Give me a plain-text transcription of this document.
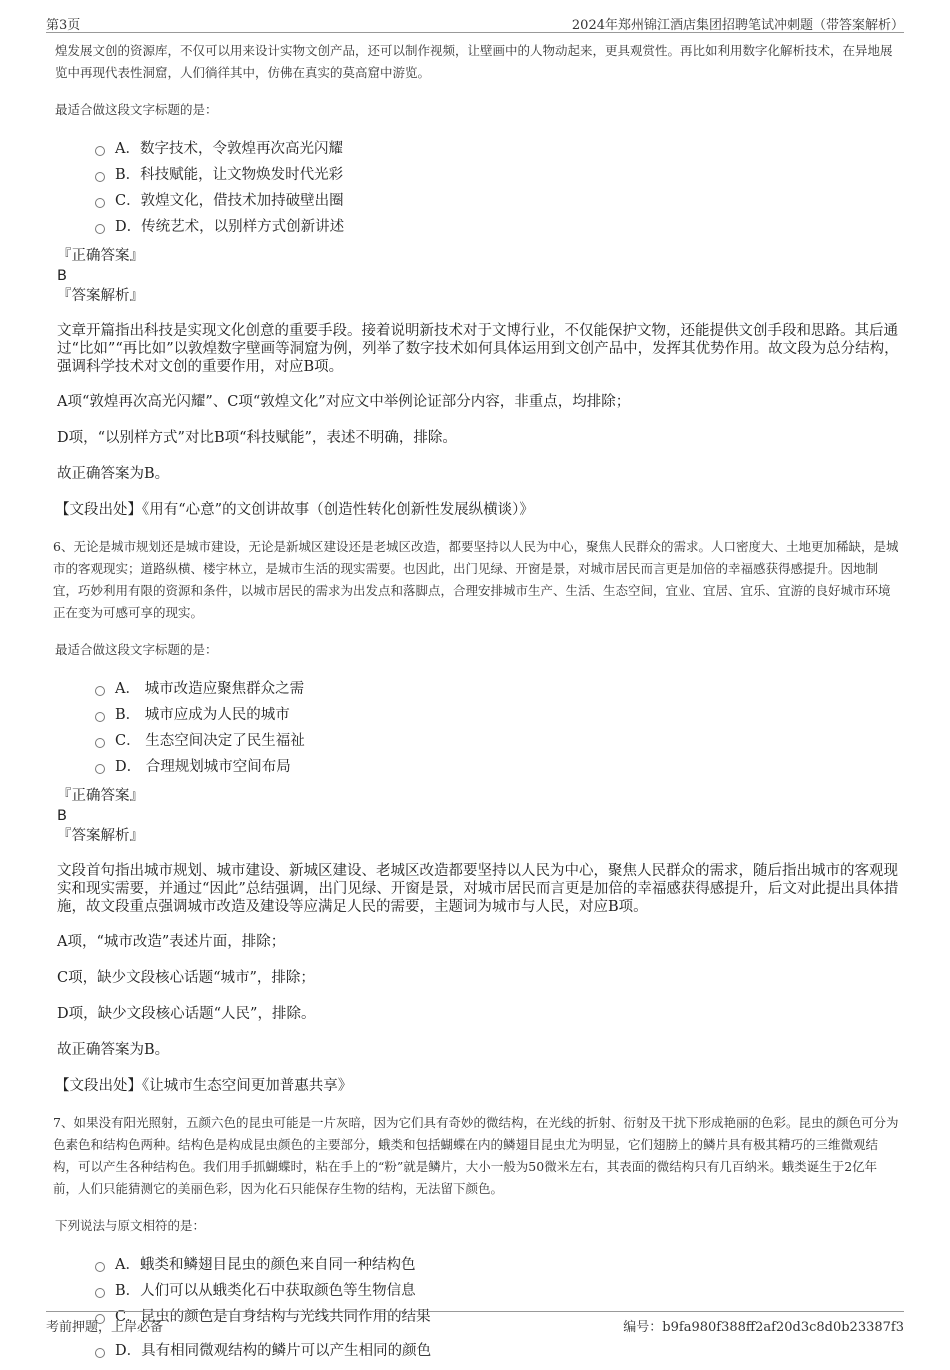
第3页	2024年郑州锦江酒店集团招聘笔试冲刺题（带答案解析）

煌发展文创的资源库，不仅可以用来设计实物文创产品，还可以制作视频，让壁画中的人物动起来，更具观赏性。再比如利用数字化解析技术，在异地展览中再现代表性洞窟，人们徜徉其中，仿佛在真实的莫高窟中游览。

最适合做这段文字标题的是：

A．数字技术，令敦煌再次高光闪耀
B．科技赋能，让文物焕发时代光彩
C．敦煌文化，借技术加持破壁出圈
D．传统艺术，以别样方式创新讲述

『正确答案』

B

『答案解析』

文章开篇指出科技是实现文化创意的重要手段。接着说明新技术对于文博行业，不仅能保护文物，还能提供文创手段和思路。其后通过“比如”“再比如”以敦煌数字壁画等洞窟为例，列举了数字技术如何具体运用到文创产品中，发挥其优势作用。故文段为总分结构，强调科学技术对文创的重要作用，对应B项。

A项“敦煌再次高光闪耀”、C项“敦煌文化”对应文中举例论证部分内容，非重点，均排除；

D项，“以别样方式”对比B项“科技赋能”，表述不明确，排除。

故正确答案为B。

【文段出处】《用有“心意”的文创讲故事（创造性转化创新性发展纵横谈）》

6、无论是城市规划还是城市建设，无论是新城区建设还是老城区改造，都要坚持以人民为中心，聚焦人民群众的需求。人口密度大、土地更加稀缺，是城市的客观现实；道路纵横、楼宇林立，是城市生活的现实需要。也因此，出门见绿、开窗是景，对城市居民而言更是加倍的幸福感获得感提升。因地制宜，巧妙利用有限的资源和条件，以城市居民的需求为出发点和落脚点，合理安排城市生产、生活、生态空间，宜业、宜居、宜乐、宜游的良好城市环境正在变为可感可享的现实。

最适合做这段文字标题的是：

A． 城市改造应聚焦群众之需
B． 城市应成为人民的城市
C． 生态空间决定了民生福祉
D． 合理规划城市空间布局

『正确答案』

B

『答案解析』

文段首句指出城市规划、城市建设、新城区建设、老城区改造都要坚持以人民为中心，聚焦人民群众的需求，随后指出城市的客观现实和现实需要，并通过“因此”总结强调，出门见绿、开窗是景，对城市居民而言更是加倍的幸福感获得感提升，后文对此提出具体措施，故文段重点强调城市改造及建设等应满足人民的需要，主题词为城市与人民，对应B项。

A项，“城市改造”表述片面，排除；

C项，缺少文段核心话题“城市”，排除；

D项，缺少文段核心话题“人民”，排除。

故正确答案为B。

【文段出处】《让城市生态空间更加普惠共享》

7、如果没有阳光照射，五颜六色的昆虫可能是一片灰暗，因为它们具有奇妙的微结构，在光线的折射、衍射及干扰下形成艳丽的色彩。昆虫的颜色可分为色素色和结构色两种。结构色是构成昆虫颜色的主要部分，蛾类和包括蝴蝶在内的鳞翅目昆虫尤为明显，它们翅膀上的鳞片具有极其精巧的三维微观结构，可以产生各种结构色。我们用手抓蝴蝶时，粘在手上的“粉”就是鳞片，大小一般为50微米左右，其表面的微结构只有几百纳米。蛾类诞生于2亿年前，人们只能猜测它的美丽色彩，因为化石只能保存生物的结构，无法留下颜色。

下列说法与原文相符的是：

A．蛾类和鳞翅目昆虫的颜色来自同一种结构色
B．人们可以从蛾类化石中获取颜色等生物信息
C．昆虫的颜色是自身结构与光线共同作用的结果
D．具有相同微观结构的鳞片可以产生相同的颜色
考前押题，上岸必备	编号：b9fa980f388ff2af20d3c8d0b23387f3
